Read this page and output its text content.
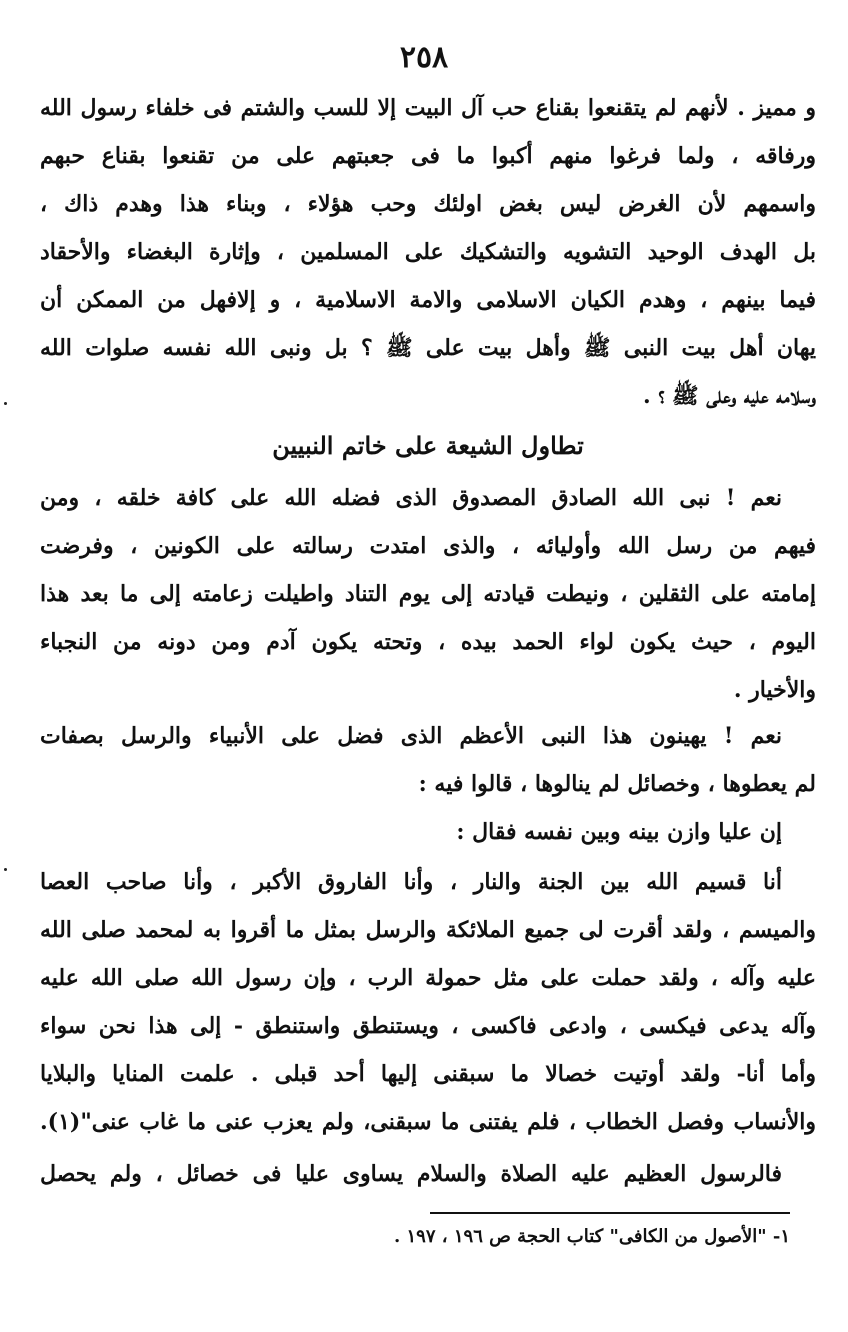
٢٥٨
و مميز . لأنهم لم يتقنعوا بقناع حب آل البيت إلا للسب والشتم فى خلفاء رسول الله
ورفاقه ، ولما فرغوا منهم أكبوا ما فى جعبتهم على من تقنعوا بقناع حبهم
واسمهم لأن الغرض ليس بغض اولئك وحب هؤلاء ، وبناء هذا وهدم ذاك ،
بل الهدف الوحيد التشويه والتشكيك على المسلمين ، وإثارة البغضاء والأحقاد
فيما بينهم ، وهدم الكيان الاسلامى والامة الاسلامية ، و إلافهل من الممكن أن
يهان أهل بيت النبى ﷺ وأهل بيت على ﷺ ؟ بل ونبى الله نفسه صلوات الله
وسلامه عليه وعلى ﷺ ؟ .
تطاول الشيعة على خاتم النبيين
نعم ! نبى الله الصادق المصدوق الذى فضله الله على كافة خلقه ، ومن
فيهم من رسل الله وأوليائه ، والذى امتدت رسالته على الكونين ، وفرضت
إمامته على الثقلين ، ونيطت قيادته إلى يوم التناد واطيلت زعامته إلى ما بعد هذا
اليوم ، حيث يكون لواء الحمد بيده ، وتحته يكون آدم ومن دونه من النجباء
والأخيار .
نعم ! يهينون هذا النبى الأعظم الذى فضل على الأنبياء والرسل بصفات
لم يعطوها ، وخصائل لم ينالوها ، قالوا فيه :
إن عليا وازن بينه وبين نفسه فقال :
أنا قسيم الله بين الجنة والنار ، وأنا الفاروق الأكبر ، وأنا صاحب العصا
والميسم ، ولقد أقرت لى جميع الملائكة والرسل بمثل ما أقروا به لمحمد صلى الله
عليه وآله ، ولقد حملت على مثل حمولة الرب ، وإن رسول الله صلى الله عليه
وآله يدعى فيكسى ، وادعى فاكسى ، ويستنطق واستنطق - إلى هذا نحن سواء
وأما أنا- ولقد أوتيت خصالا ما سبقنى إليها أحد قبلى . علمت المنايا والبلايا
والأنساب وفصل الخطاب ، فلم يفتنى ما سبقنى، ولم يعزب عنى ما غاب عنى"(١).
فالرسول العظيم عليه الصلاة والسلام يساوى عليا فى خصائل ، ولم يحصل
١- "الأصول من الكافى" كتاب الحجة ص ١٩٦ ، ١٩٧ .
